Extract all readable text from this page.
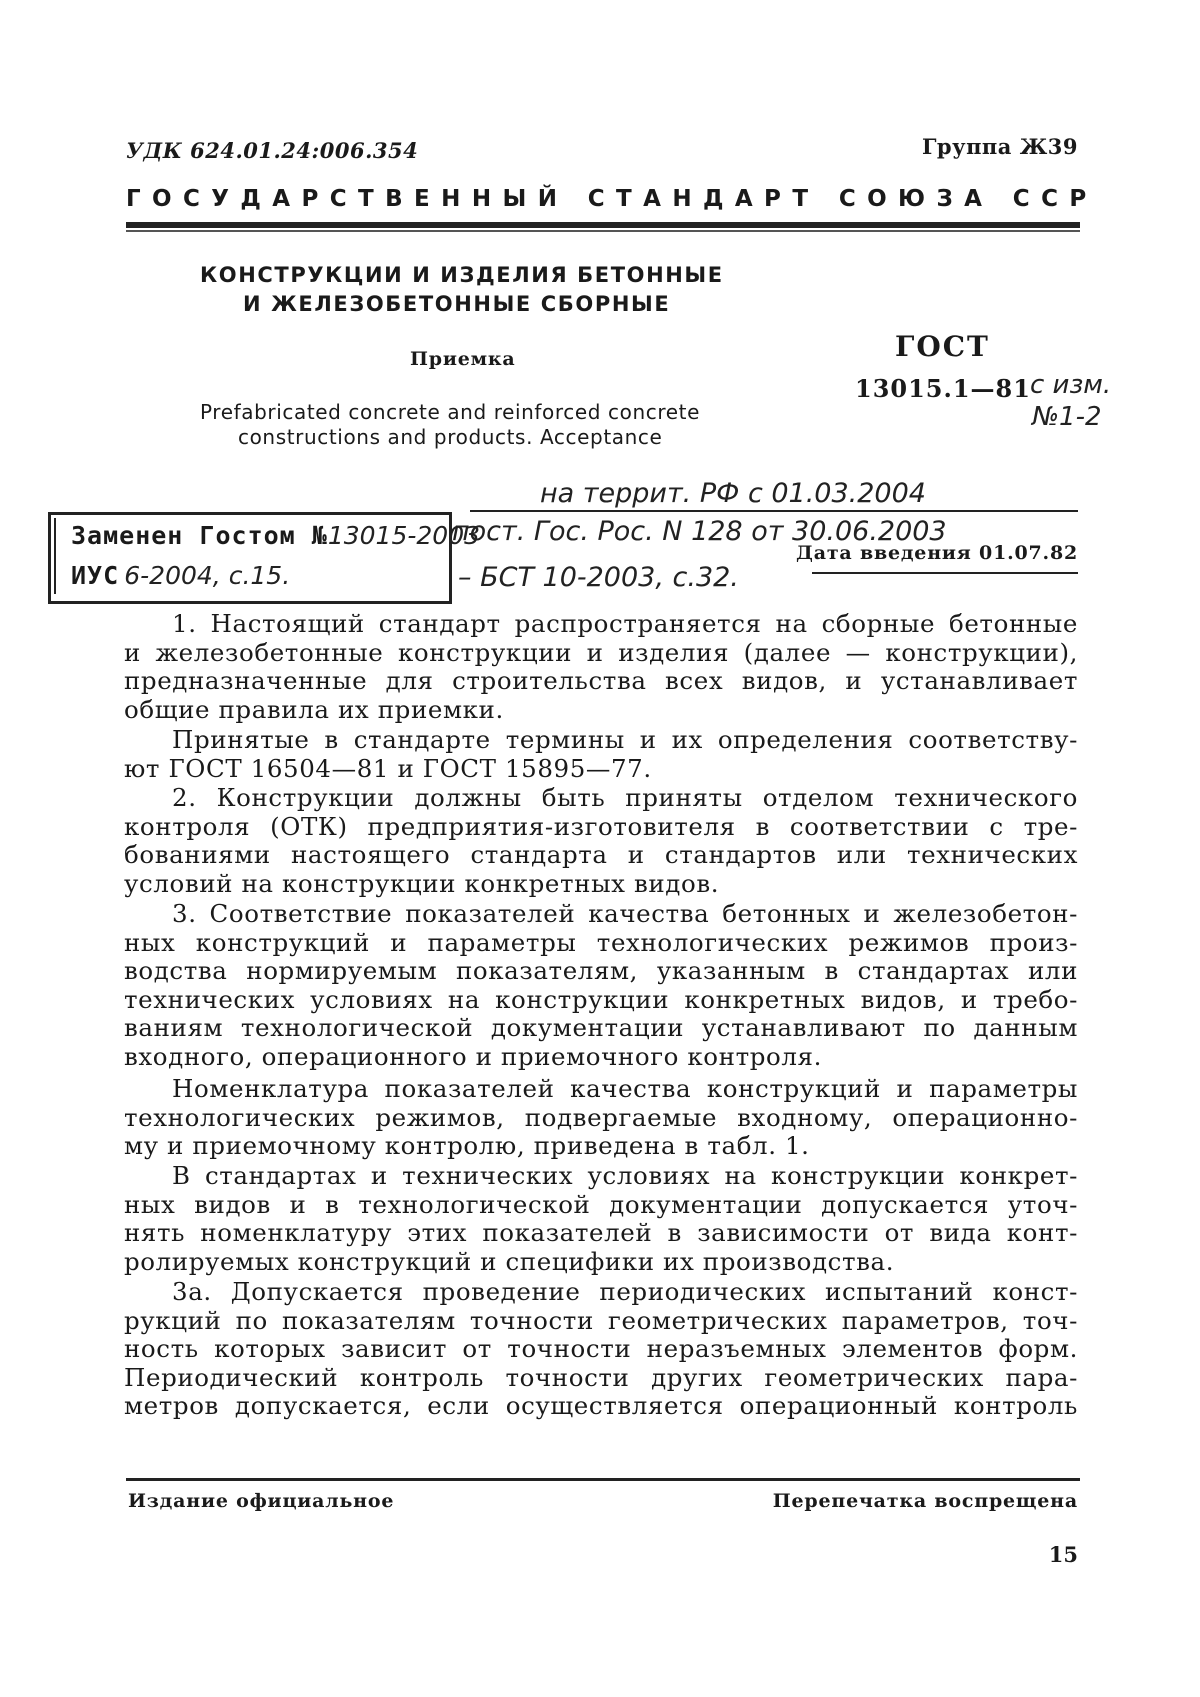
УДК 624.01.24:006.354	Группа Ж39
ГОСУДАРСТВЕННЫЙ СТАНДАРТ СОЮЗА ССР
КОНСТРУКЦИИ И ИЗДЕЛИЯ БЕТОННЫЕ
И ЖЕЛЕЗОБЕТОННЫЕ СБОРНЫЕ
Приемка
Prefabricated concrete and reinforced concrete
constructions and products. Acceptance
ГОСТ
13015.1—81 с изм.
№1-2
на террит. РФ с 01.03.2004
Заменен Гостом №13015-2003
ИУС 6-2004, с.15.
пост. Гос. Рос. N 128 от 30.06.2003
– БСТ 10-2003, с.32.
Дата введения 01.07.82
1. Настоящий стандарт распространяется на сборные бетонные
и железобетонные конструкции и изделия (далее — конструкции),
предназначенные для строительства всех видов, и устанавливает
общие правила их приемки.
Принятые в стандарте термины и их определения соответству-
ют ГОСТ 16504—81 и ГОСТ 15895—77.
2. Конструкции должны быть приняты отделом технического
контроля (ОТК) предприятия-изготовителя в соответствии с тре-
бованиями настоящего стандарта и стандартов или технических
условий на конструкции конкретных видов.
3. Соответствие показателей качества бетонных и железобетон-
ных конструкций и параметры технологических режимов произ-
водства нормируемым показателям, указанным в стандартах или
технических условиях на конструкции конкретных видов, и требо-
ваниям технологической документации устанавливают по данным
входного, операционного и приемочного контроля.
Номенклатура показателей качества конструкций и параметры
технологических режимов, подвергаемые входному, операционно-
му и приемочному контролю, приведена в табл. 1.
В стандартах и технических условиях на конструкции конкрет-
ных видов и в технологической документации допускается уточ-
нять номенклатуру этих показателей в зависимости от вида конт-
ролируемых конструкций и специфики их производства.
3а. Допускается проведение периодических испытаний конст-
рукций по показателям точности геометрических параметров, точ-
ность которых зависит от точности неразъемных элементов форм.
Периодический контроль точности других геометрических пара-
метров допускается, если осуществляется операционный контроль
Издание официальное	Перепечатка воспрещена
15
